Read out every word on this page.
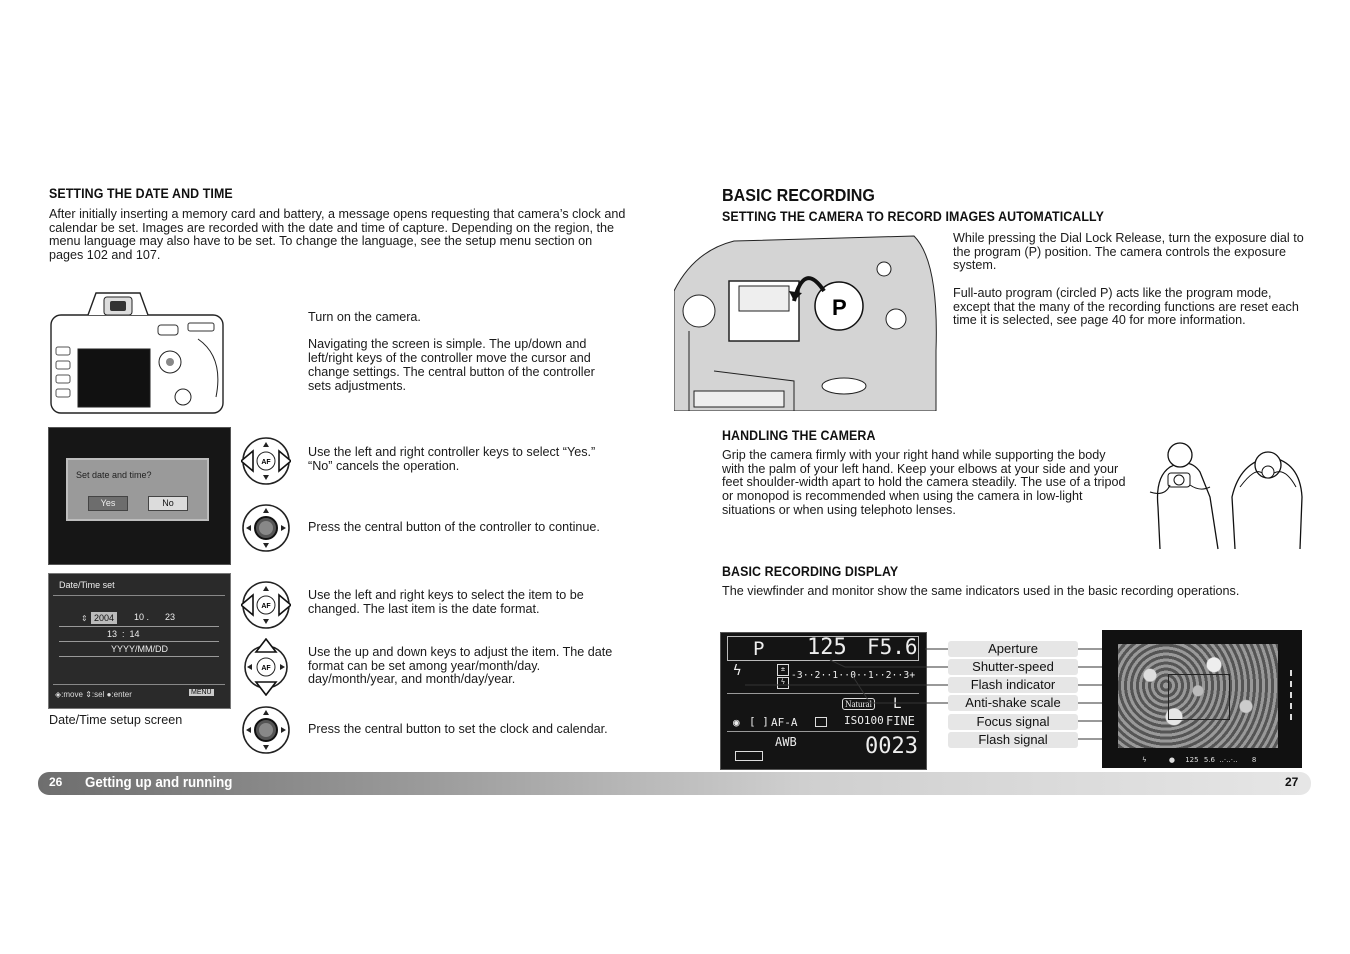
SETTING THE DATE AND TIME

After initially inserting a memory card and battery, a message opens requesting that camera’s clock and calendar be set. Images are recorded with the date and time of capture. Depending on the region, the menu language may also have to be set. To change the language, see the setup menu section on pages 102 and 107.

Turn on the camera.
Navigating the screen is simple. The up/down and left/right keys of the controller move the cursor and change settings. The central button of the controller sets adjustments.

Set date and time?
Yes	No
AF

Use the left and right controller keys to select “Yes.” “No” cancels the operation.

Press the central button of the controller to continue.

Date/Time set
⇕ 2004	10 . 23
13  :  14
YYYY/MM/DD
◈:move ⇕:sel ●:enter	MENU
Date/Time setup screen
AF

Use the left and right keys to select the item to be changed. The last item is the date format.

AF

Use the up and down keys to adjust the item. The date format can be set among year/month/day. day/month/year, and month/day/year.

Press the central button to set the clock and calendar.

BASIC RECORDING
SETTING THE CAMERA TO RECORD IMAGES AUTOMATICALLY
P

While pressing the Dial Lock Release, turn the exposure dial to the program (P) position. The camera controls the exposure system.
Full-auto program (circled P) acts like the program mode, except that the many of the recording functions are reset each time it is selected, see page 40 for more information.

HANDLING THE CAMERA

Grip the camera firmly with your right hand while supporting the body with the palm of your left hand. Keep your elbows at your side and your feet shoulder-width apart to hold the camera steadily. The use of a tripod or monopod is recommended when using the camera in low-light situations or when using telephoto lenses.

BASIC RECORDING DISPLAY

The viewfinder and monitor show the same indicators used in the basic recording operations.

P 125 F5.6
ϟ	±
ϟ
-3··2··1··0··1··2··3+
Natural L
◉ [ ] AF-A	ISO100 FINE
AWB	0023
Aperture
Shutter-speed
Flash indicator
Anti-shake scale
Focus signal
Flash signal
ϟ	● 125 5.6 ‥·‥·‥ 8
26 Getting up and running	27
